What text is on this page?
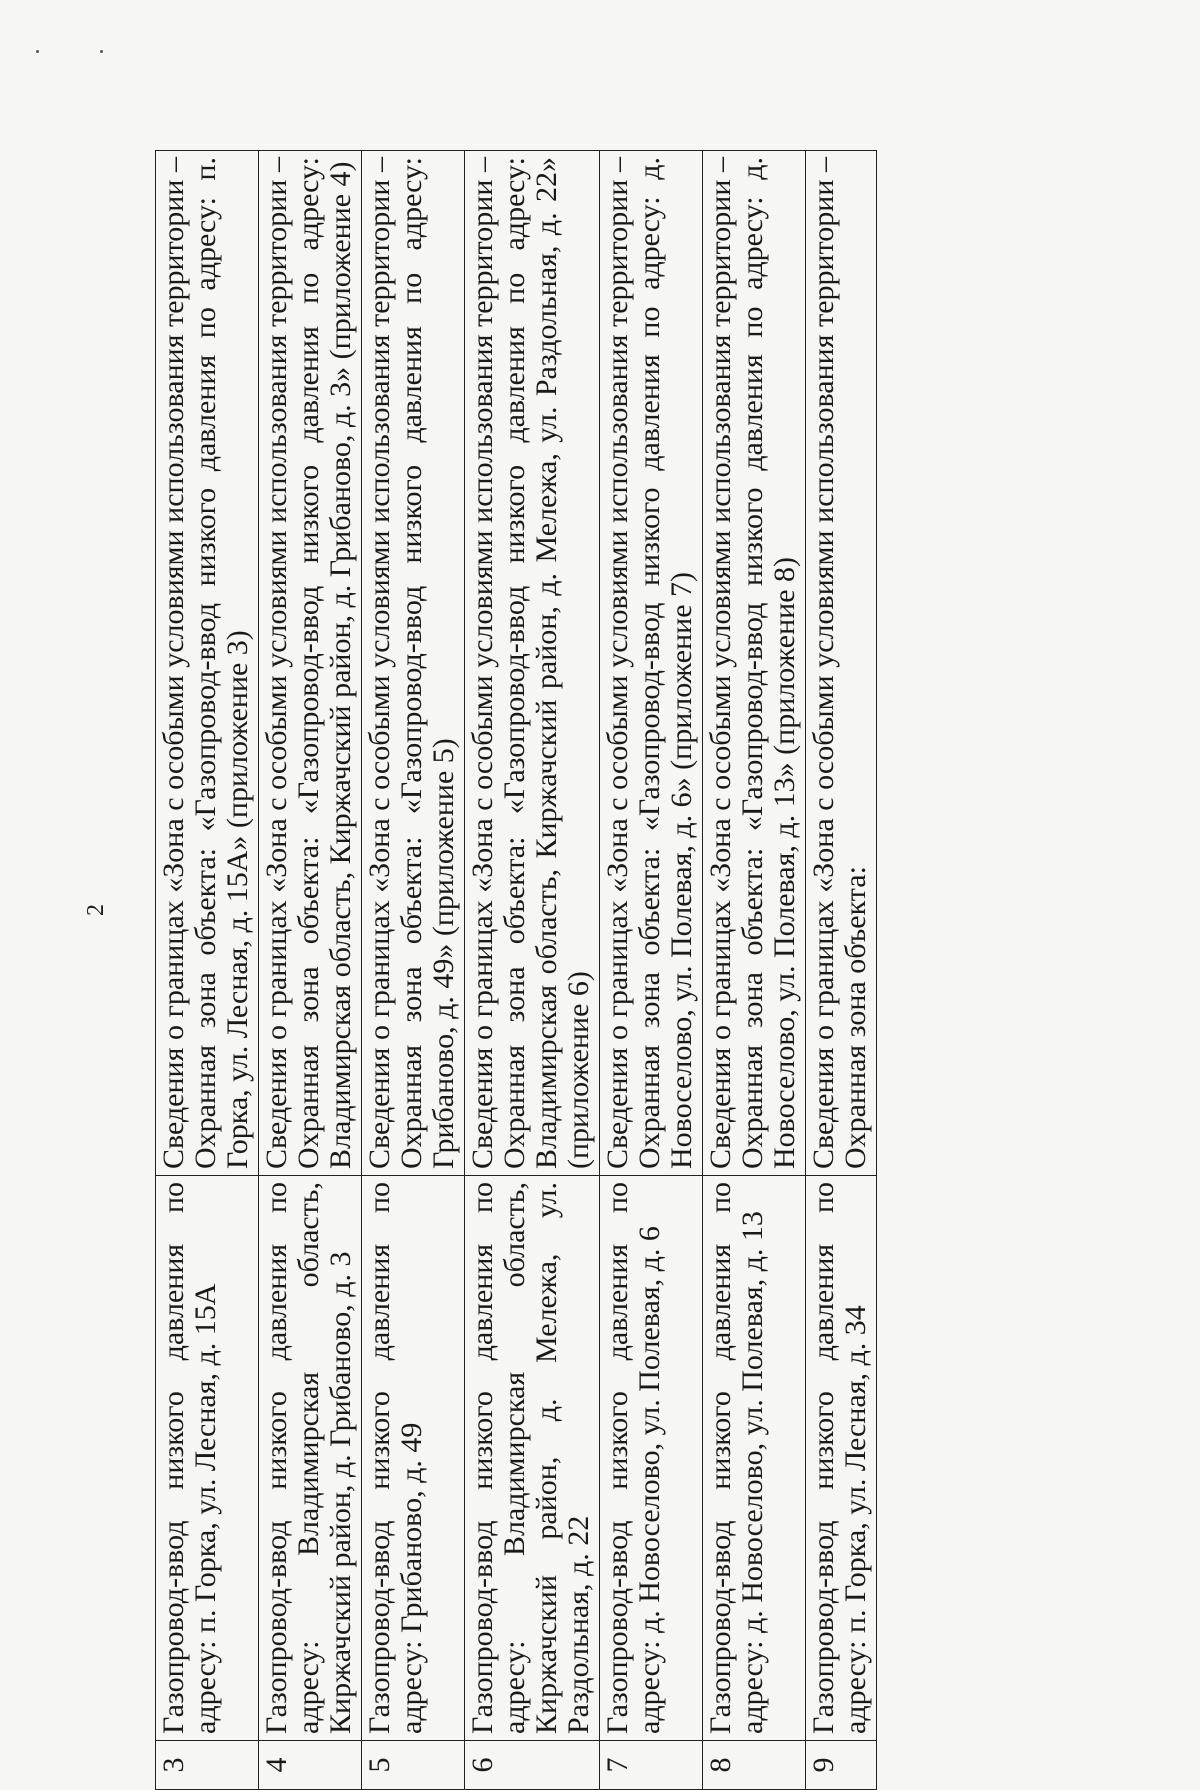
2
3	Газопровод-ввод низкого давления по адресу: п. Горка, ул. Лесная, д. 15А	Сведения о границах «Зона с особыми условиями использования территории – Охранная зона объекта: «Газопровод-ввод низкого давления по адресу: п. Горка, ул. Лесная, д. 15А» (приложение 3)
4	Газопровод-ввод низкого давления по адресу: Владимирская область, Киржачский район, д. Грибаново, д. 3	Сведения о границах «Зона с особыми условиями использования территории – Охранная зона объекта: «Газопровод-ввод низкого давления по адресу: Владимирская область, Киржачский район, д. Грибаново, д. 3» (приложение 4)
5	Газопровод-ввод низкого давления по адресу: Грибаново, д. 49	Сведения о границах «Зона с особыми условиями использования территории – Охранная зона объекта: «Газопровод-ввод низкого давления по адресу: Грибаново, д. 49» (приложение 5)
6	Газопровод-ввод низкого давления по адресу: Владимирская область, Киржачский район, д. Мележа, ул. Раздольная, д. 22	Сведения о границах «Зона с особыми условиями использования территории – Охранная зона объекта: «Газопровод-ввод низкого давления по адресу: Владимирская область, Киржачский район, д. Мележа, ул. Раздольная, д. 22» (приложение 6)
7	Газопровод-ввод низкого давления по адресу: д. Новоселово, ул. Полевая, д. 6	Сведения о границах «Зона с особыми условиями использования территории – Охранная зона объекта: «Газопровод-ввод низкого давления по адресу: д. Новоселово, ул. Полевая, д. 6» (приложение 7)
8	Газопровод-ввод низкого давления по адресу: д. Новоселово, ул. Полевая, д. 13	Сведения о границах «Зона с особыми условиями использования территории – Охранная зона объекта: «Газопровод-ввод низкого давления по адресу: д. Новоселово, ул. Полевая, д. 13» (приложение 8)
9	Газопровод-ввод низкого давления по адресу: п. Горка, ул. Лесная, д. 34	Сведения о границах «Зона с особыми условиями использования территории – Охранная зона объекта:
